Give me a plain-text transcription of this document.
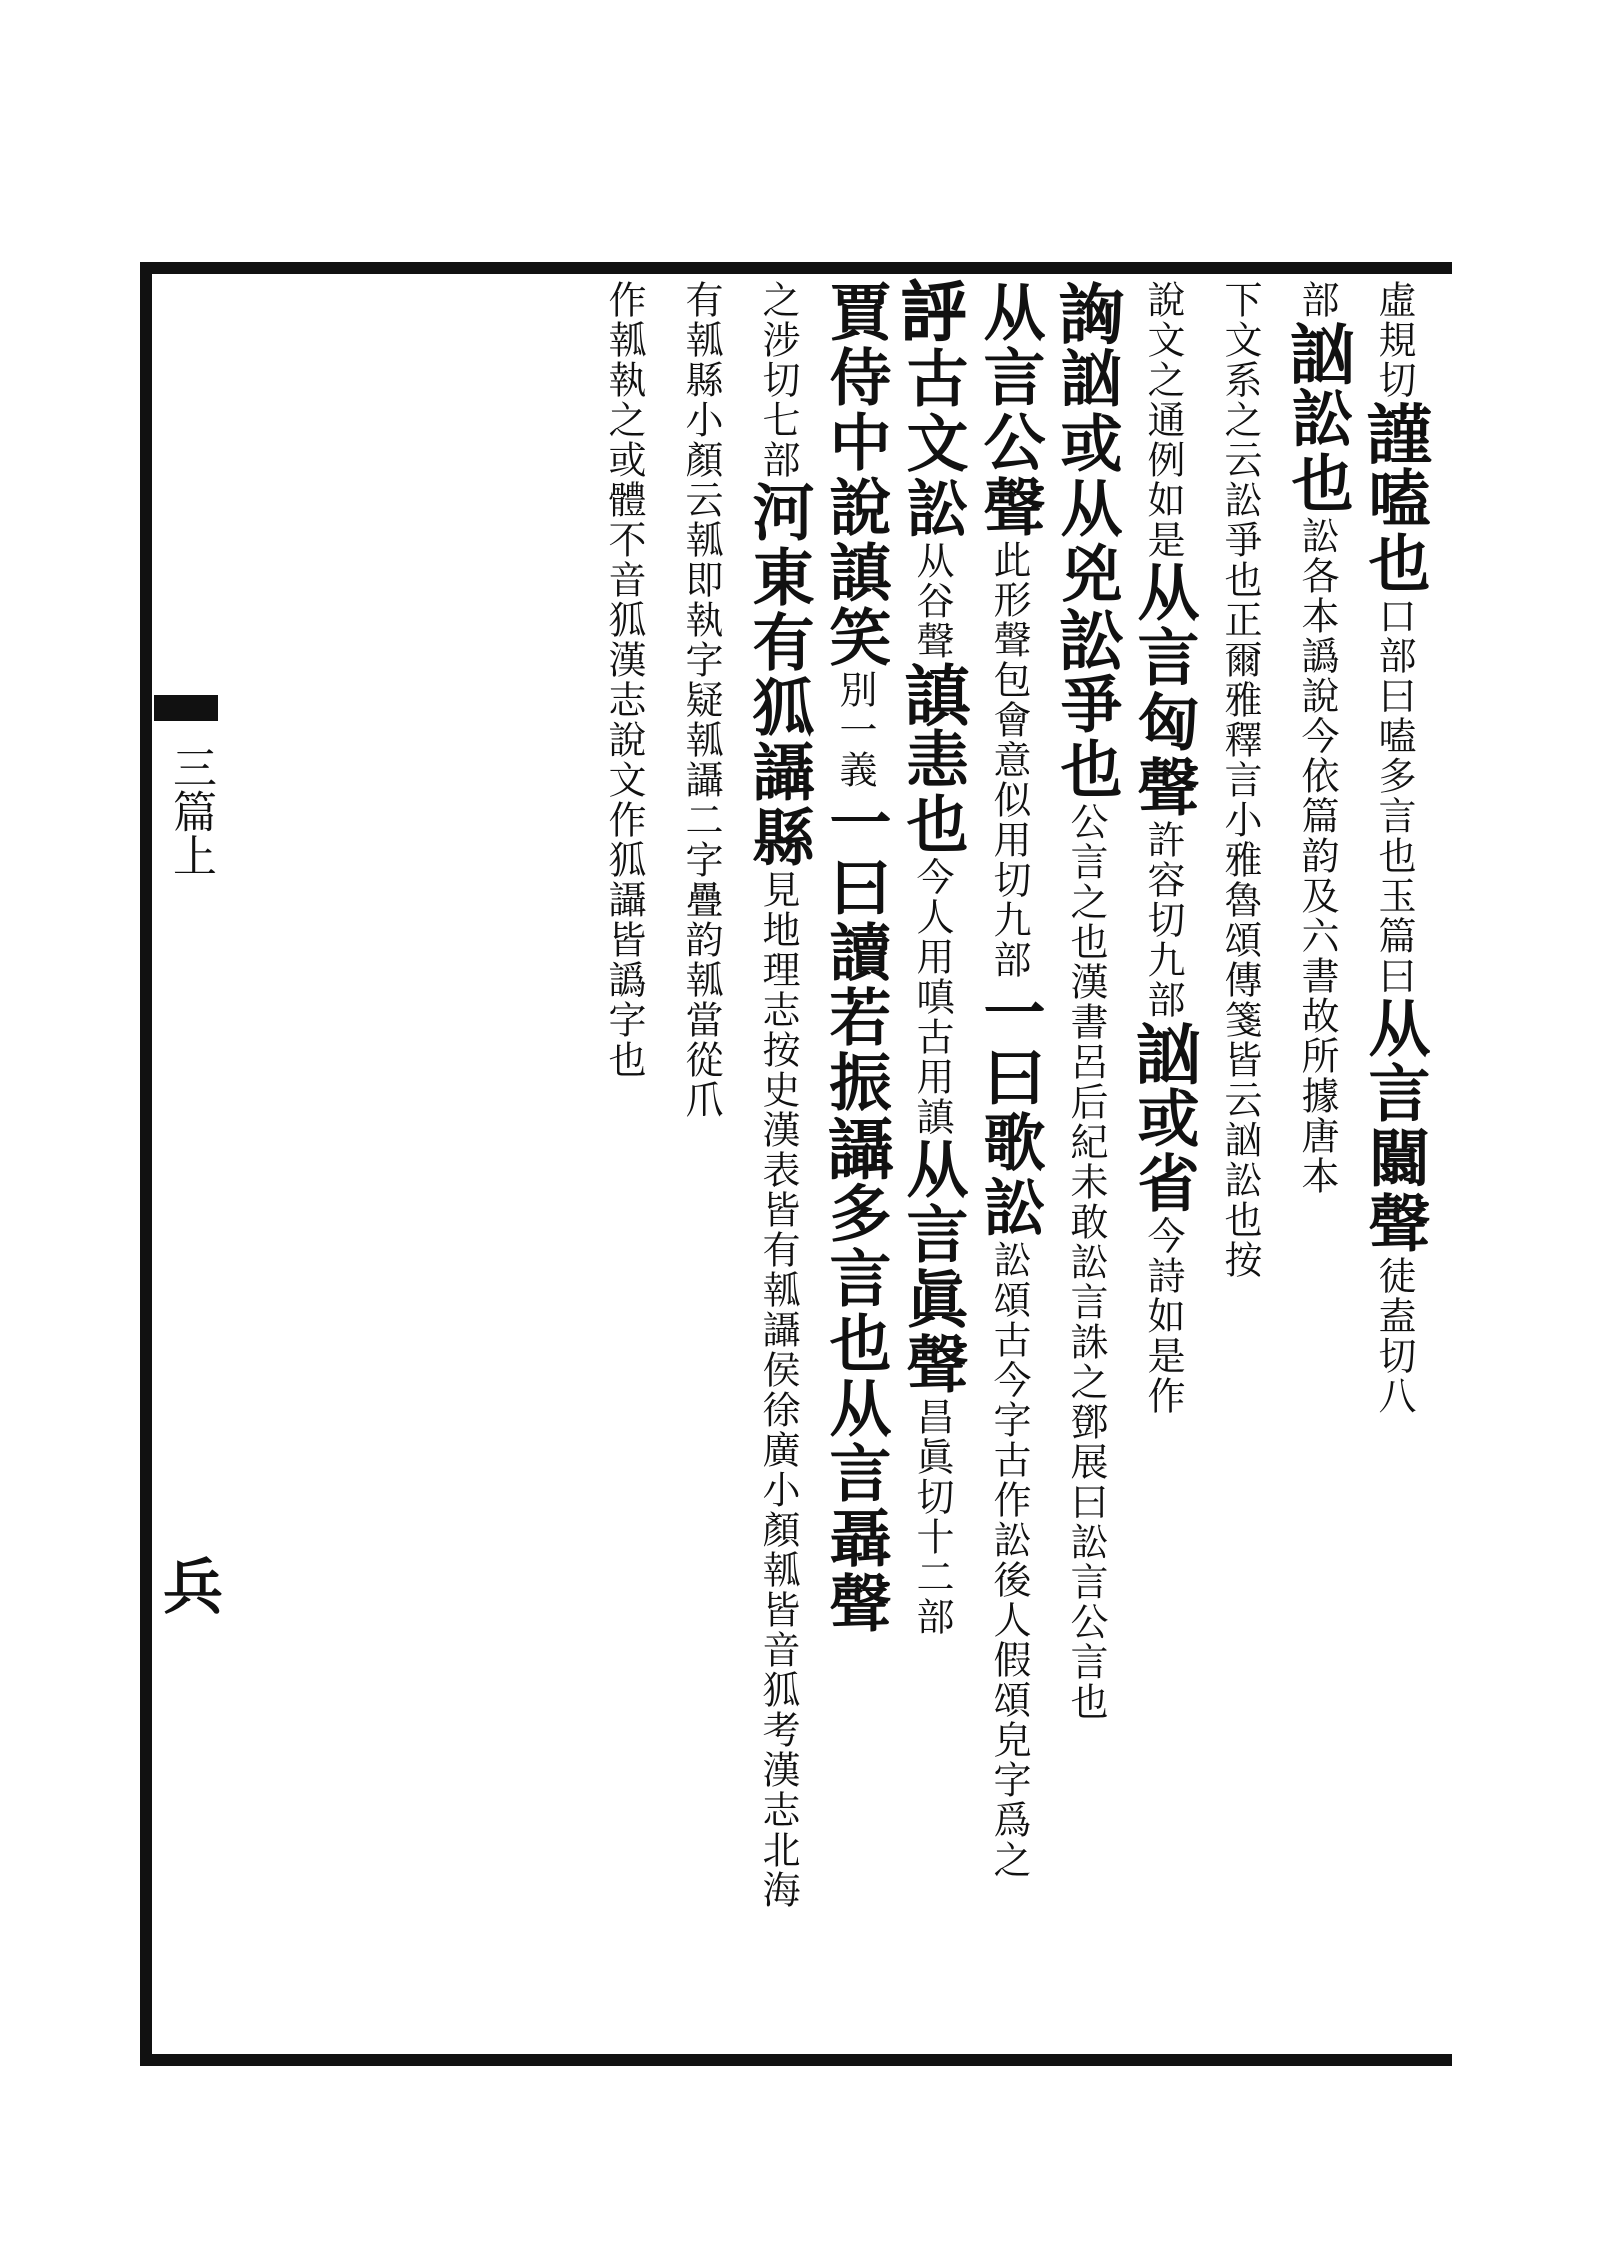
三篇上
兵
虛規切𧫴嗑也口部曰嗑多言也玉篇曰从言闒聲徒盍切八
部訩訟也訟各本譌說今依篇韵及六書故所據唐本
下文系之云訟爭也正爾雅釋言小雅魯頌傳箋皆云訩訟也按
說文之通例如是从言匈聲許容切九部訩或省今詩如是作
詾訩或从兇訟爭也公言之也漢書呂后紀未敢訟言誅之鄧展曰訟言公言也
从言公聲此形聲包會意似用切九部一曰歌訟訟頌古今字古作訟後人假頌皃字爲之
𧦝古文訟从谷聲謓恚也今人用嗔古用謓从言眞聲昌眞切十二部
賈侍中說謓笑別一義一曰讀若振讘多言也从言聶聲
之涉切七部河東有狐讘縣見地理志按史漢表皆有瓡讘侯徐廣小顏瓡皆音狐考漢志北海
有瓡縣小顏云瓡即執字疑瓡讘二字疊韵瓡當從爪
作瓡執之或體不音狐漢志說文作狐讘皆譌字也
